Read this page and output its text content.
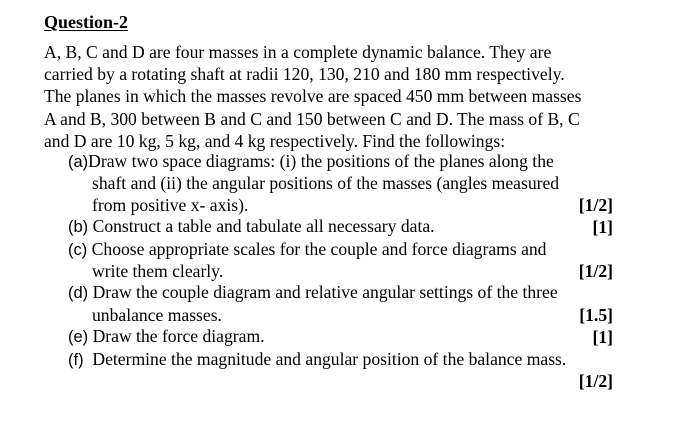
Question-2
A, B, C and D are four masses in a complete dynamic balance. They are
carried by a rotating shaft at radii 120, 130, 210 and 180 mm respectively.
The planes in which the masses revolve are spaced 450 mm between masses
A and B, 300 between B and C and 150 between C and D. The mass of B, C
and D are 10 kg, 5 kg, and 4 kg respectively. Find the followings:
(a)Draw two space diagrams: (i) the positions of the planes along the
shaft and (ii) the angular positions of the masses (angles measured
from positive x- axis).	[1/2]
(b) Construct a table and tabulate all necessary data.	[1]
(c) Choose appropriate scales for the couple and force diagrams and
write them clearly.	[1/2]
(d) Draw the couple diagram and relative angular settings of the three
unbalance masses.	[1.5]
(e) Draw the force diagram.	[1]
(f) Determine the magnitude and angular position of the balance mass.
[1/2]
